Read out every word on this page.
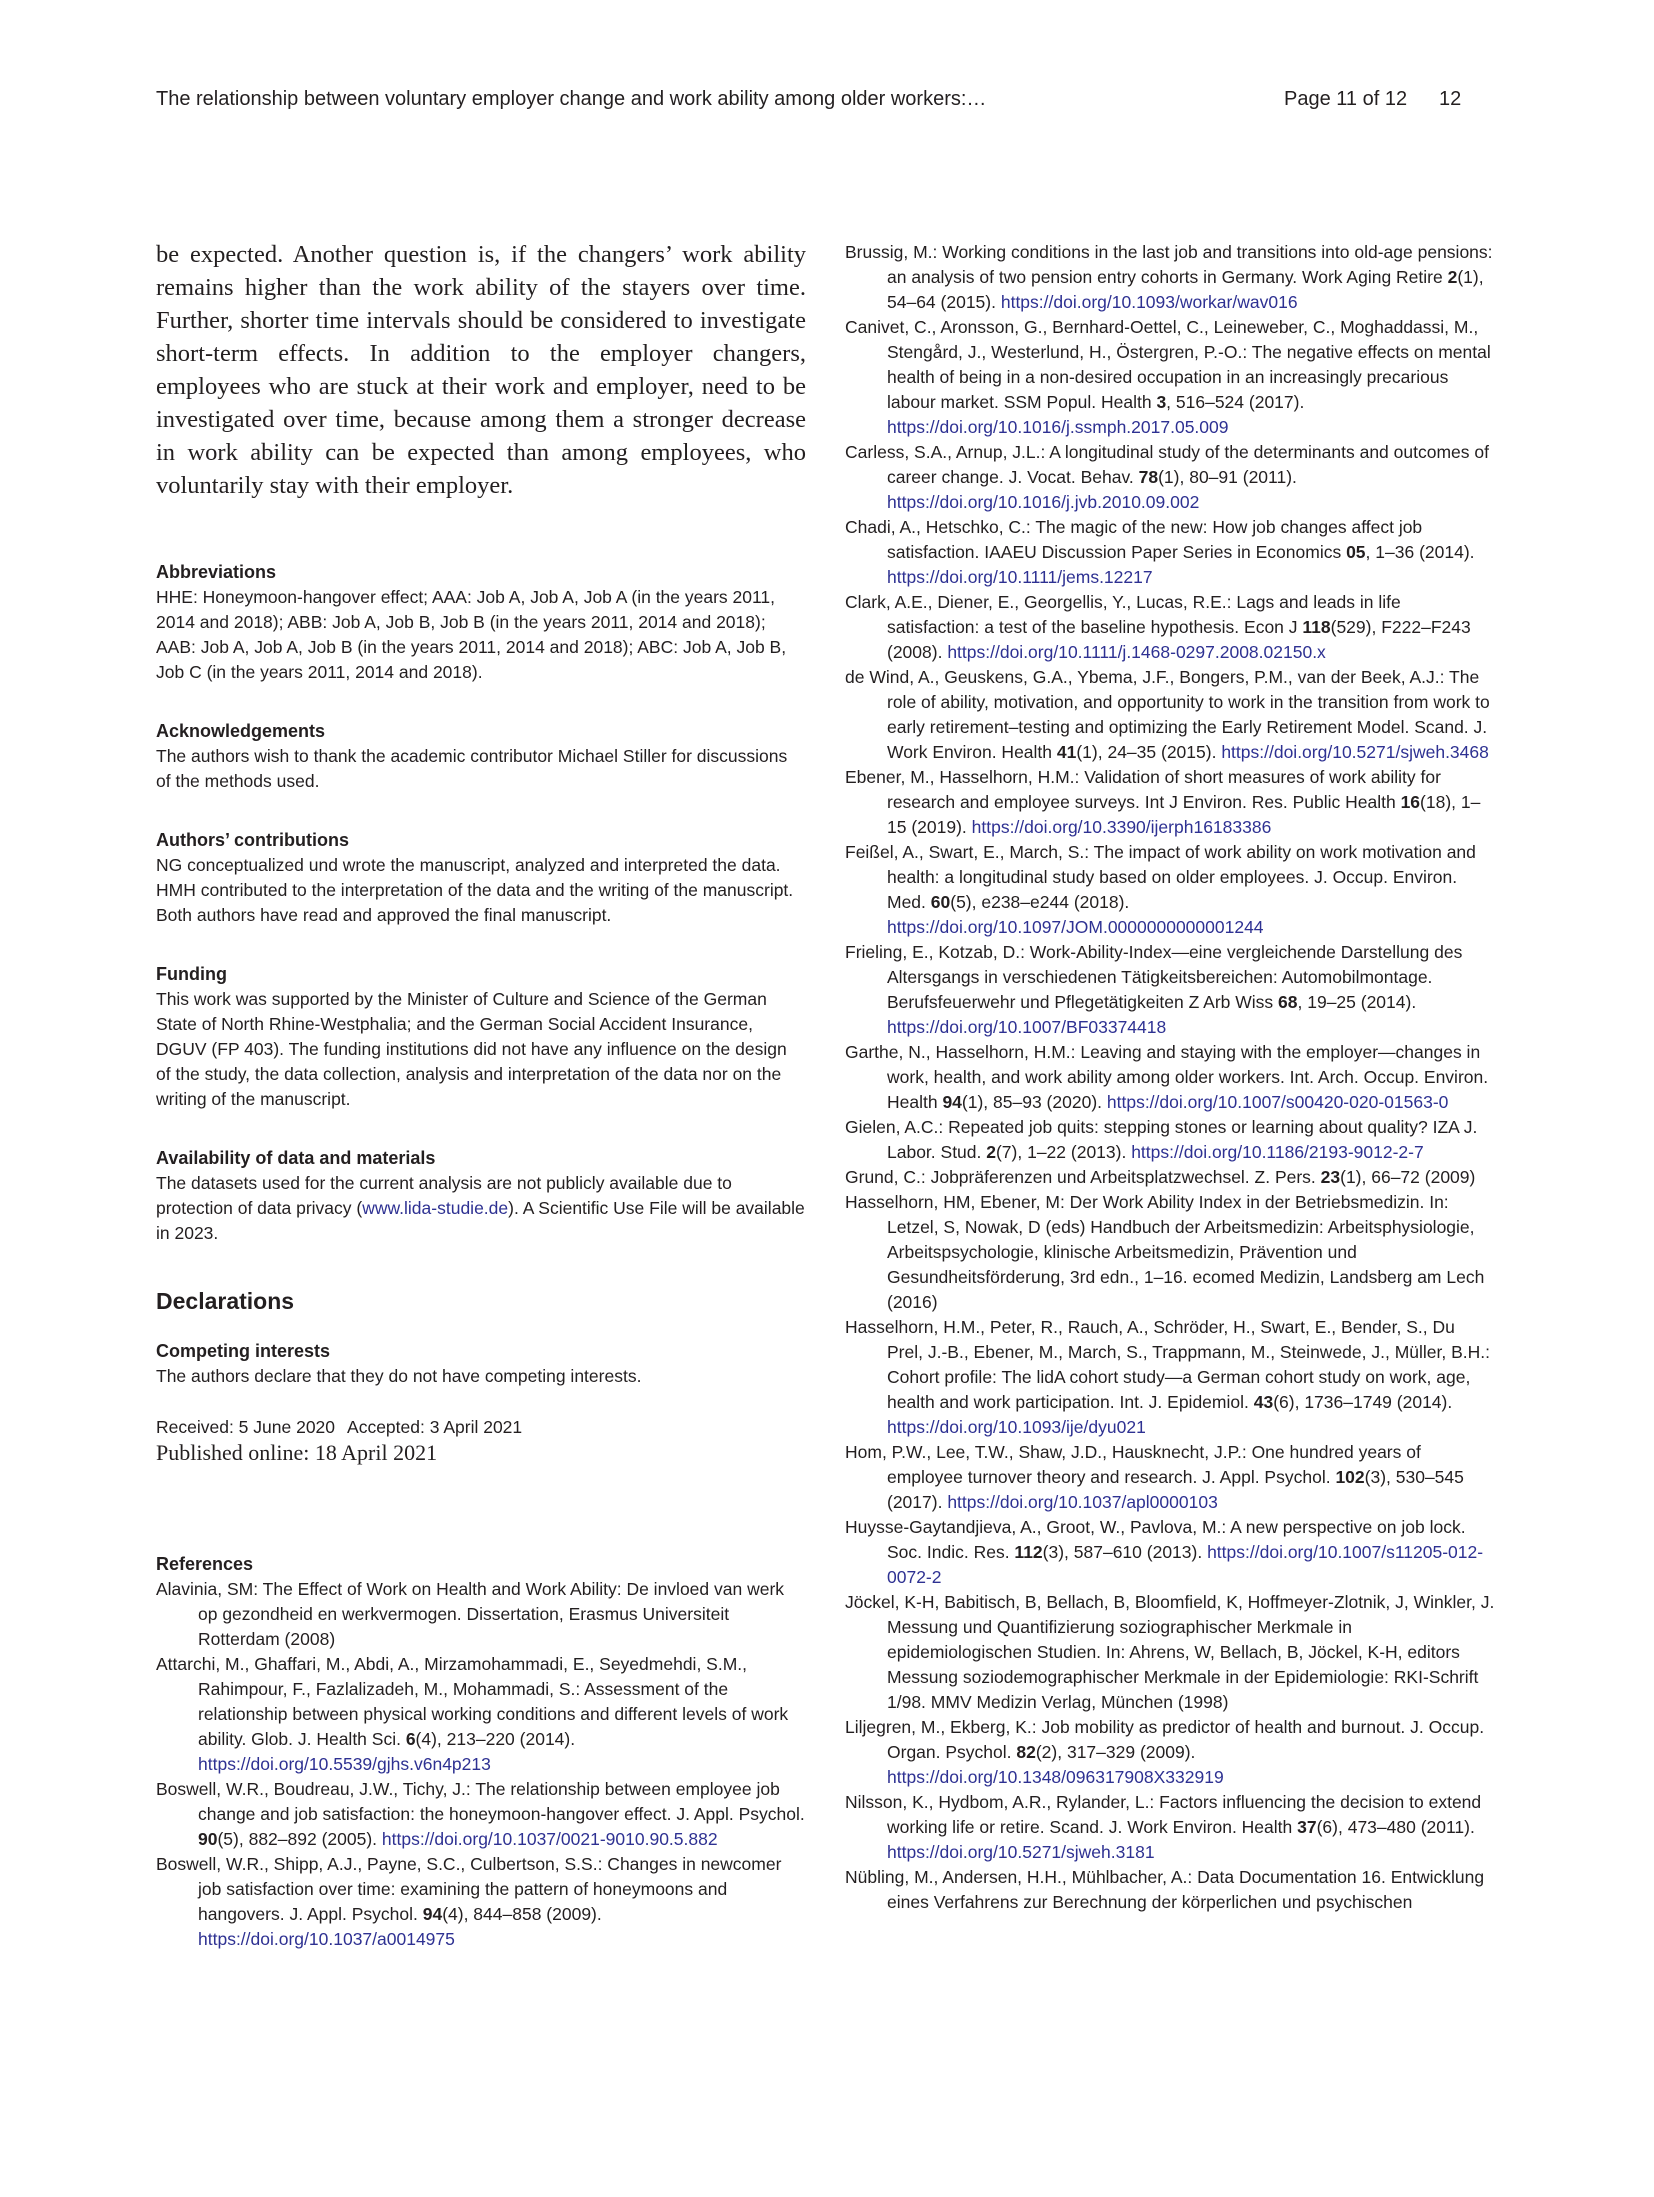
The relationship between voluntary employer change and work ability among older workers:…	Page 11 of 12 12

be expected. Another question is, if the changers’ work ability remains higher than the work ability of the stayers over time. Further, shorter time intervals should be considered to investigate short-term effects. In addition to the employer changers, employees who are stuck at their work and employer, need to be investigated over time, because among them a stronger decrease in work ability can be expected than among employees, who voluntarily stay with their employer.

Abbreviations

HHE: Honeymoon-hangover effect; AAA: Job A, Job A, Job A (in the years 2011, 2014 and 2018); ABB: Job A, Job B, Job B (in the years 2011, 2014 and 2018); AAB: Job A, Job A, Job B (in the years 2011, 2014 and 2018); ABC: Job A, Job B, Job C (in the years 2011, 2014 and 2018).

Acknowledgements

The authors wish to thank the academic contributor Michael Stiller for discussions of the methods used.

Authors’ contributions

NG conceptualized und wrote the manuscript, analyzed and interpreted the data. HMH contributed to the interpretation of the data and the writing of the manuscript. Both authors have read and approved the final manuscript.

Funding

This work was supported by the Minister of Culture and Science of the German State of North Rhine-Westphalia; and the German Social Accident Insurance, DGUV (FP 403). The funding institutions did not have any influence on the design of the study, the data collection, analysis and interpretation of the data nor on the writing of the manuscript.

Availability of data and materials

The datasets used for the current analysis are not publicly available due to protection of data privacy (www.lida-studie.de). A Scientific Use File will be available in 2023.

Declarations
Competing interests

The authors declare that they do not have competing interests.

Received: 5 June 2020 Accepted: 3 April 2021
Published online: 18 April 2021
References

Alavinia, SM: The Effect of Work on Health and Work Ability: De invloed van werk op gezondheid en werkvermogen. Dissertation, Erasmus Universiteit Rotterdam (2008)

Attarchi, M., Ghaffari, M., Abdi, A., Mirzamohammadi, E., Seyedmehdi, S.M., Rahimpour, F., Fazlalizadeh, M., Mohammadi, S.: Assessment of the relationship between physical working conditions and different levels of work ability. Glob. J. Health Sci. 6(4), 213–220 (2014). https://doi.org/10.5539/gjhs.v6n4p213

Boswell, W.R., Boudreau, J.W., Tichy, J.: The relationship between employee job change and job satisfaction: the honeymoon-hangover effect. J. Appl. Psychol. 90(5), 882–892 (2005). https://doi.org/10.1037/0021-9010.90.5.882

Boswell, W.R., Shipp, A.J., Payne, S.C., Culbertson, S.S.: Changes in newcomer job satisfaction over time: examining the pattern of honeymoons and hangovers. J. Appl. Psychol. 94(4), 844–858 (2009). https://doi.org/10.1037/a0014975

Brussig, M.: Working conditions in the last job and transitions into old-age pensions: an analysis of two pension entry cohorts in Germany. Work Aging Retire 2(1), 54–64 (2015). https://doi.org/10.1093/workar/wav016

Canivet, C., Aronsson, G., Bernhard-Oettel, C., Leineweber, C., Moghaddassi, M., Stengård, J., Westerlund, H., Östergren, P.-O.: The negative effects on mental health of being in a non-desired occupation in an increasingly precarious labour market. SSM Popul. Health 3, 516–524 (2017). https://doi.org/10.1016/j.ssmph.2017.05.009

Carless, S.A., Arnup, J.L.: A longitudinal study of the determinants and outcomes of career change. J. Vocat. Behav. 78(1), 80–91 (2011). https://doi.org/10.1016/j.jvb.2010.09.002

Chadi, A., Hetschko, C.: The magic of the new: How job changes affect job satisfaction. IAAEU Discussion Paper Series in Economics 05, 1–36 (2014). https://doi.org/10.1111/jems.12217

Clark, A.E., Diener, E., Georgellis, Y., Lucas, R.E.: Lags and leads in life satisfaction: a test of the baseline hypothesis. Econ J 118(529), F222–F243 (2008). https://doi.org/10.1111/j.1468-0297.2008.02150.x

de Wind, A., Geuskens, G.A., Ybema, J.F., Bongers, P.M., van der Beek, A.J.: The role of ability, motivation, and opportunity to work in the transition from work to early retirement–testing and optimizing the Early Retirement Model. Scand. J. Work Environ. Health 41(1), 24–35 (2015). https://doi.org/10.5271/sjweh.3468

Ebener, M., Hasselhorn, H.M.: Validation of short measures of work ability for research and employee surveys. Int J Environ. Res. Public Health 16(18), 1–15 (2019). https://doi.org/10.3390/ijerph16183386

Feißel, A., Swart, E., March, S.: The impact of work ability on work motivation and health: a longitudinal study based on older employees. J. Occup. Environ. Med. 60(5), e238–e244 (2018). https://doi.org/10.1097/JOM.0000000000001244

Frieling, E., Kotzab, D.: Work-Ability-Index—eine vergleichende Darstellung des Altersgangs in verschiedenen Tätigkeitsbereichen: Automobilmontage. Berufsfeuerwehr und Pflegetätigkeiten Z Arb Wiss 68, 19–25 (2014). https://doi.org/10.1007/BF03374418

Garthe, N., Hasselhorn, H.M.: Leaving and staying with the employer—changes in work, health, and work ability among older workers. Int. Arch. Occup. Environ. Health 94(1), 85–93 (2020). https://doi.org/10.1007/s00420-020-01563-0

Gielen, A.C.: Repeated job quits: stepping stones or learning about quality? IZA J. Labor. Stud. 2(7), 1–22 (2013). https://doi.org/10.1186/2193-9012-2-7

Grund, C.: Jobpräferenzen und Arbeitsplatzwechsel. Z. Pers. 23(1), 66–72 (2009)

Hasselhorn, HM, Ebener, M: Der Work Ability Index in der Betriebsmedizin. In: Letzel, S, Nowak, D (eds) Handbuch der Arbeitsmedizin: Arbeitsphysiologie, Arbeitspsychologie, klinische Arbeitsmedizin, Prävention und Gesundheitsförderung, 3rd edn., 1–16. ecomed Medizin, Landsberg am Lech (2016)

Hasselhorn, H.M., Peter, R., Rauch, A., Schröder, H., Swart, E., Bender, S., Du Prel, J.-B., Ebener, M., March, S., Trappmann, M., Steinwede, J., Müller, B.H.: Cohort profile: The lidA cohort study—a German cohort study on work, age, health and work participation. Int. J. Epidemiol. 43(6), 1736–1749 (2014). https://doi.org/10.1093/ije/dyu021

Hom, P.W., Lee, T.W., Shaw, J.D., Hausknecht, J.P.: One hundred years of employee turnover theory and research. J. Appl. Psychol. 102(3), 530–545 (2017). https://doi.org/10.1037/apl0000103

Huysse-Gaytandjieva, A., Groot, W., Pavlova, M.: A new perspective on job lock. Soc. Indic. Res. 112(3), 587–610 (2013). https://doi.org/10.1007/s11205-012-0072-2

Jöckel, K-H, Babitisch, B, Bellach, B, Bloomfield, K, Hoffmeyer-Zlotnik, J, Winkler, J. Messung und Quantifizierung soziographischer Merkmale in epidemiologischen Studien. In: Ahrens, W, Bellach, B, Jöckel, K-H, editors Messung soziodemographischer Merkmale in der Epidemiologie: RKI-Schrift 1/98. MMV Medizin Verlag, München (1998)

Liljegren, M., Ekberg, K.: Job mobility as predictor of health and burnout. J. Occup. Organ. Psychol. 82(2), 317–329 (2009). https://doi.org/10.1348/096317908X332919

Nilsson, K., Hydbom, A.R., Rylander, L.: Factors influencing the decision to extend working life or retire. Scand. J. Work Environ. Health 37(6), 473–480 (2011). https://doi.org/10.5271/sjweh.3181

Nübling, M., Andersen, H.H., Mühlbacher, A.: Data Documentation 16. Entwicklung eines Verfahrens zur Berechnung der körperlichen und psychischen
